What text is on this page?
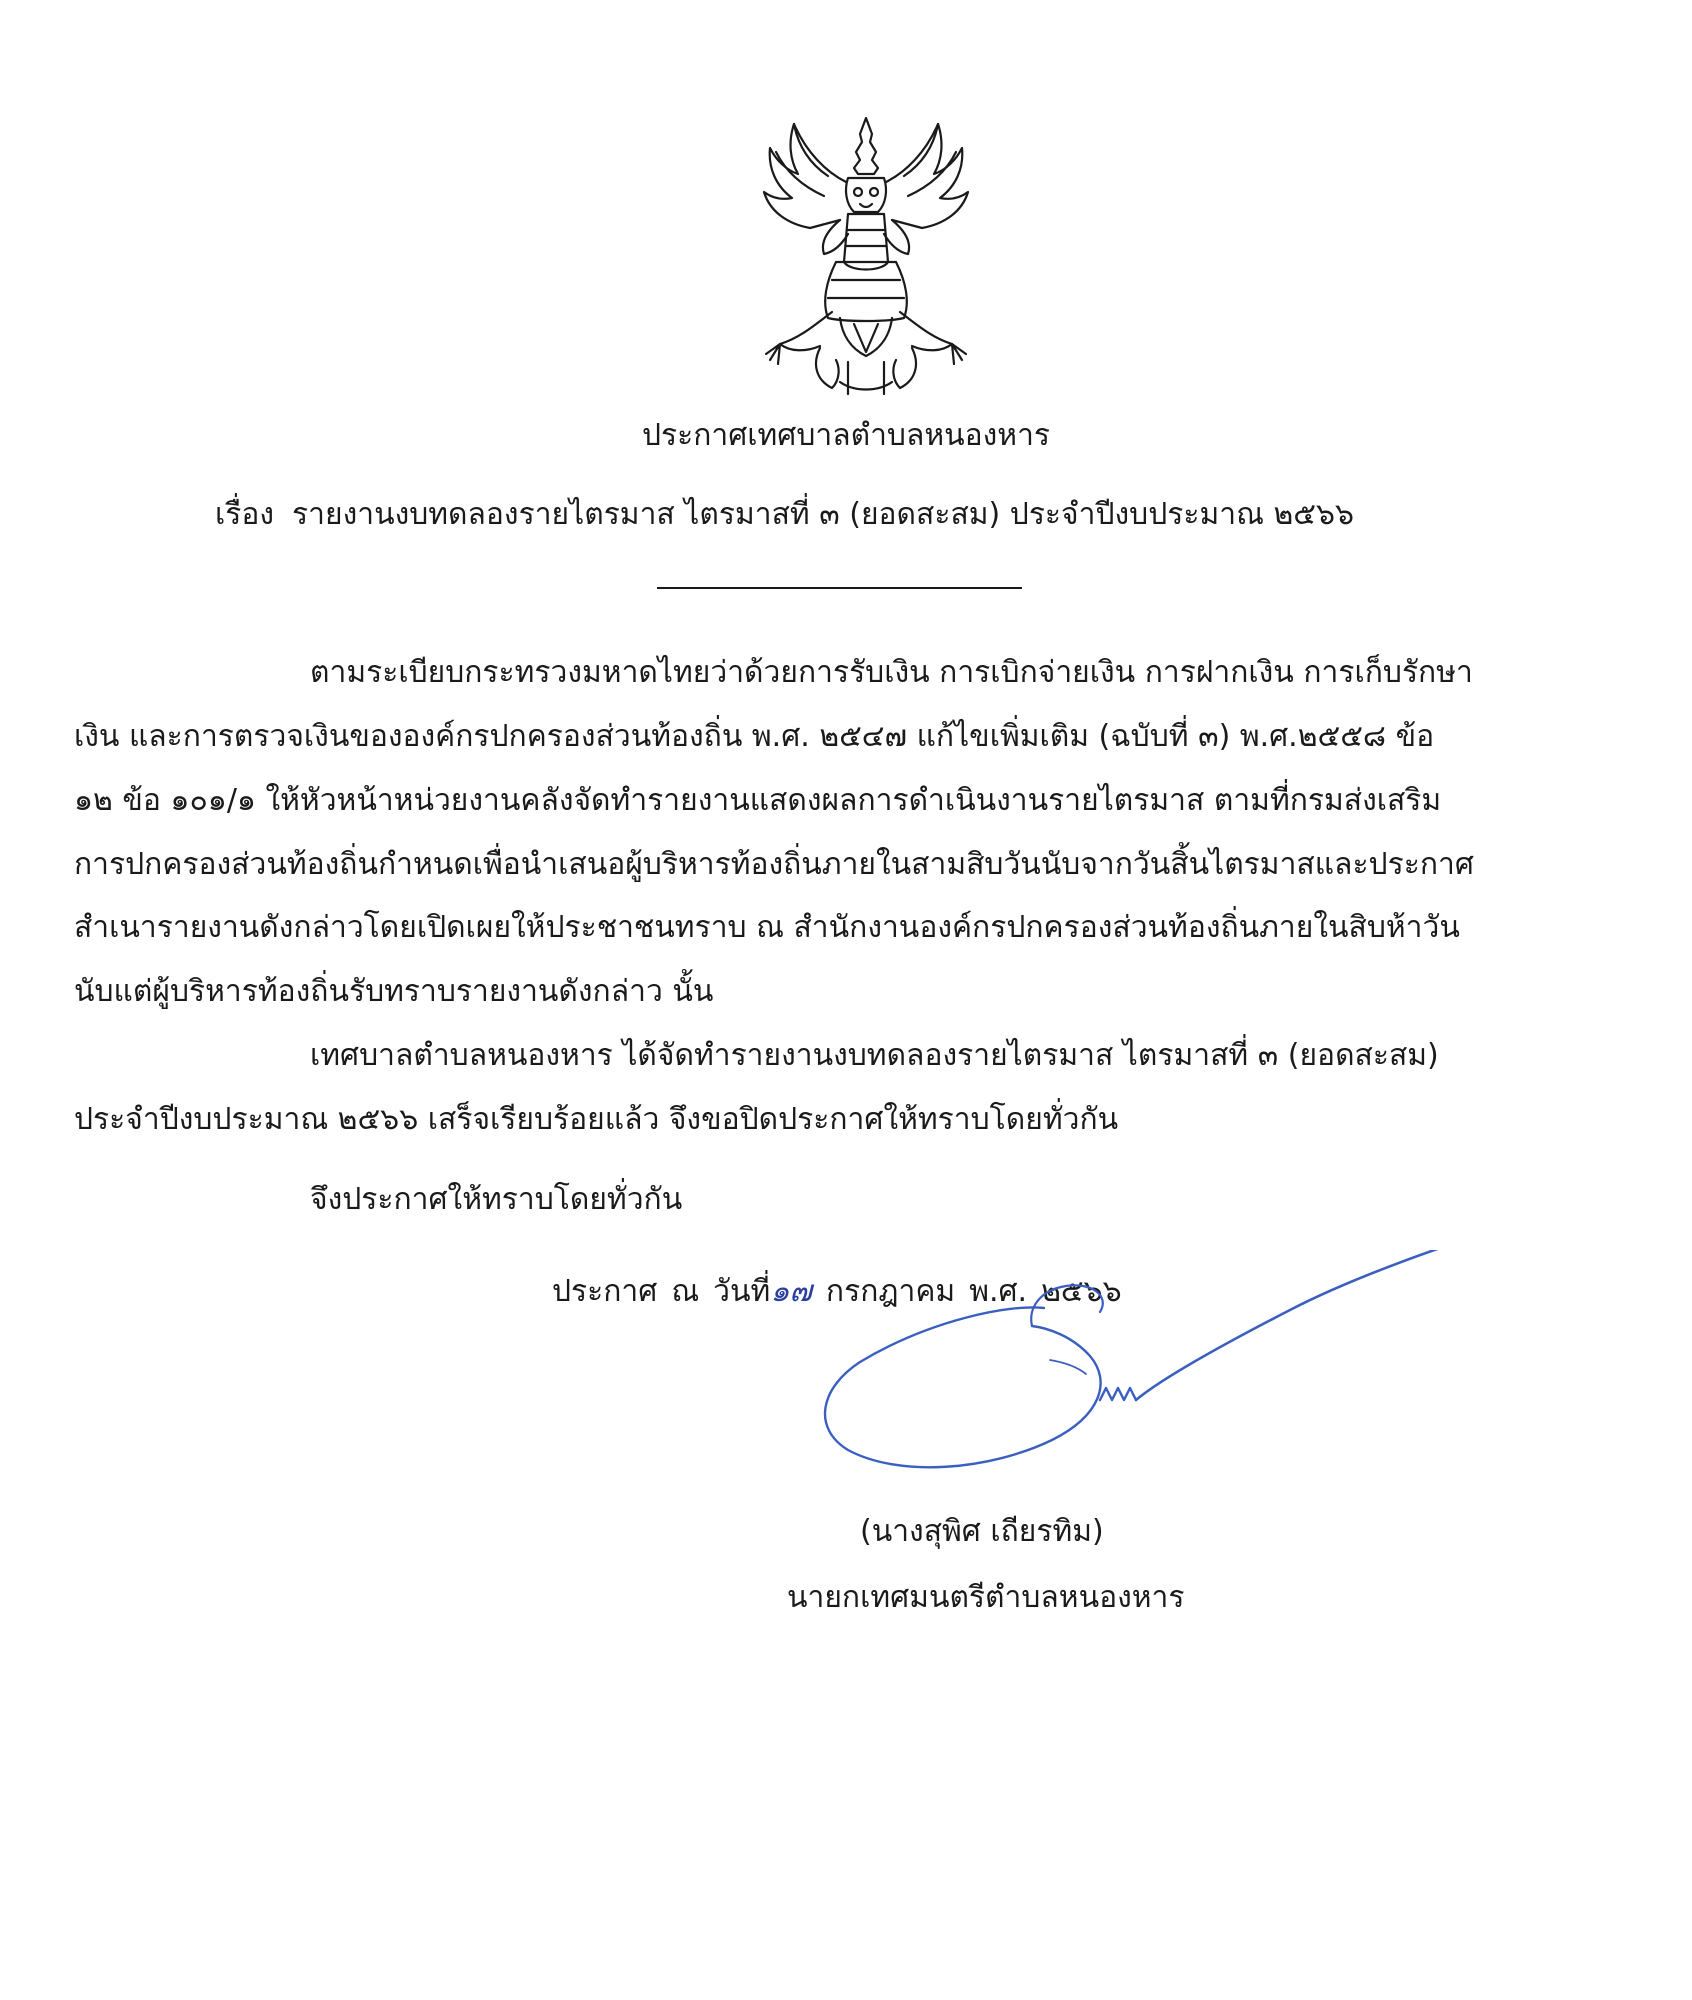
ประกาศเทศบาลตำบลหนองหาร
เรื่อง รายงานงบทดลองรายไตรมาส ไตรมาสที่ ๓ (ยอดสะสม) ประจำปีงบประมาณ ๒๕๖๖
ตามระเบียบกระทรวงมหาดไทยว่าด้วยการรับเงิน การเบิกจ่ายเงิน การฝากเงิน การเก็บรักษา
เงิน และการตรวจเงินขององค์กรปกครองส่วนท้องถิ่น พ.ศ. ๒๕๔๗ แก้ไขเพิ่มเติม (ฉบับที่ ๓) พ.ศ.๒๕๕๘ ข้อ
๑๒ ข้อ ๑๐๑/๑ ให้หัวหน้าหน่วยงานคลังจัดทำรายงานแสดงผลการดำเนินงานรายไตรมาส ตามที่กรมส่งเสริม
การปกครองส่วนท้องถิ่นกำหนดเพื่อนำเสนอผู้บริหารท้องถิ่นภายในสามสิบวันนับจากวันสิ้นไตรมาสและประกาศ
สำเนารายงานดังกล่าวโดยเปิดเผยให้ประชาชนทราบ ณ สำนักงานองค์กรปกครองส่วนท้องถิ่นภายในสิบห้าวัน
นับแต่ผู้บริหารท้องถิ่นรับทราบรายงานดังกล่าว นั้น
เทศบาลตำบลหนองหาร ได้จัดทำรายงานงบทดลองรายไตรมาส ไตรมาสที่ ๓ (ยอดสะสม)
ประจำปีงบประมาณ ๒๕๖๖ เสร็จเรียบร้อยแล้ว จึงขอปิดประกาศให้ทราบโดยทั่วกัน
จึงประกาศให้ทราบโดยทั่วกัน
ประกาศ ณ วันที่๑๗ กรกฎาคม พ.ศ. ๒๕๖๖
(นางสุพิศ เถียรทิม)
นายกเทศมนตรีตำบลหนองหาร
